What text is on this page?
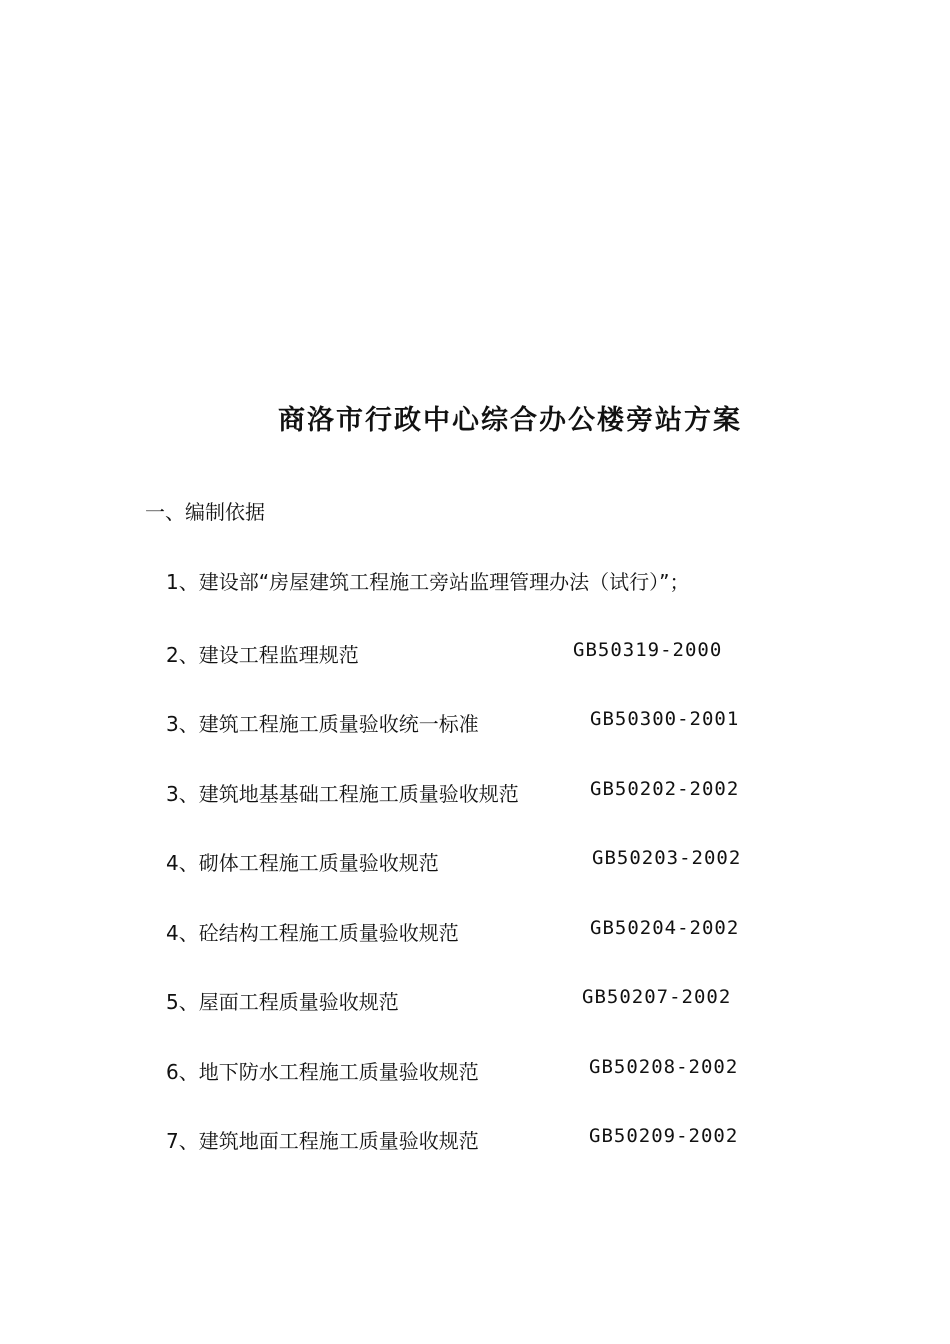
商洛市行政中心综合办公楼旁站方案
一、编制依据
1、建设部“房屋建筑工程施工旁站监理管理办法（试行）”；
2、建设工程监理规范	GB50319-2000
3、建筑工程施工质量验收统一标准	GB50300-2001
3、建筑地基基础工程施工质量验收规范	GB50202-2002
4、砌体工程施工质量验收规范	GB50203-2002
4、砼结构工程施工质量验收规范	GB50204-2002
5、屋面工程质量验收规范	GB50207-2002
6、地下防水工程施工质量验收规范	GB50208-2002
7、建筑地面工程施工质量验收规范	GB50209-2002
